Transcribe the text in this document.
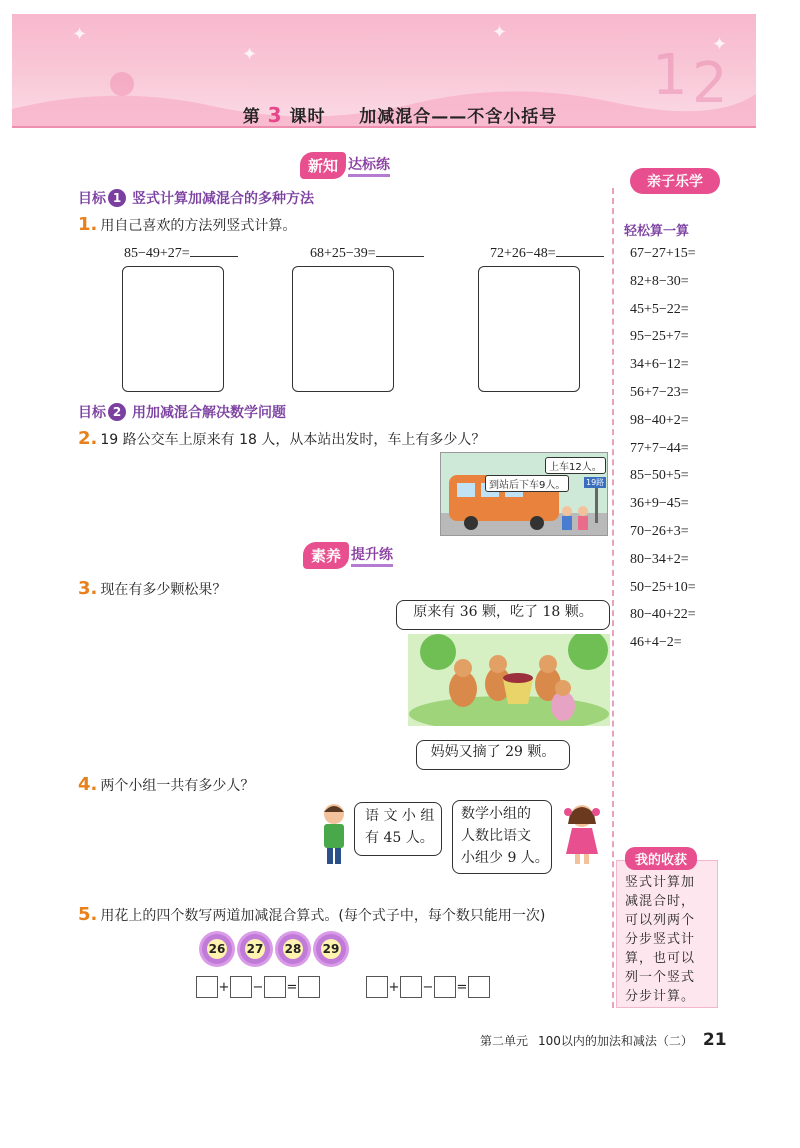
✦
✦
✦
✦
1 2
第 3 课时 加减混合——不含小括号
新知 达标练
目标 1 竖式计算加减混合的多种方法
1. 用自己喜欢的方法列竖式计算。
85−49+27=	68+25−39=	72+26−48=
目标 2 用加减混合解决数学问题
2. 19 路公交车上原来有 18 人，从本站出发时，车上有多少人？
上车12人。
到站后下车9人。	19路
素养 提升练
3. 现在有多少颗松果？
原来有 36 颗，吃了 18 颗。
妈妈又摘了 29 颗。
4. 两个小组一共有多少人？
语 文 小 组
有 45 人。
数学小组的
人数比语文
小组少 9 人。
5. 用花上的四个数写两道加减混合算式。(每个式子中，每个数只能用一次)
26 27 28 29
+ − =	+ − =
亲子乐学
轻松算一算
67−27+15=
82+8−30=
45+5−22=
95−25+7=
34+6−12=
56+7−23=
98−40+2=
77+7−44=
85−50+5=
36+9−45=
70−26+3=
80−34+2=
50−25+10=
80−40+22=
46+4−2=
我的收获
竖式计算加
减混合时，
可以列两个
分步竖式计
算，也可以
列一个竖式
分步计算。
第二单元 100以内的加法和减法（二） 21
